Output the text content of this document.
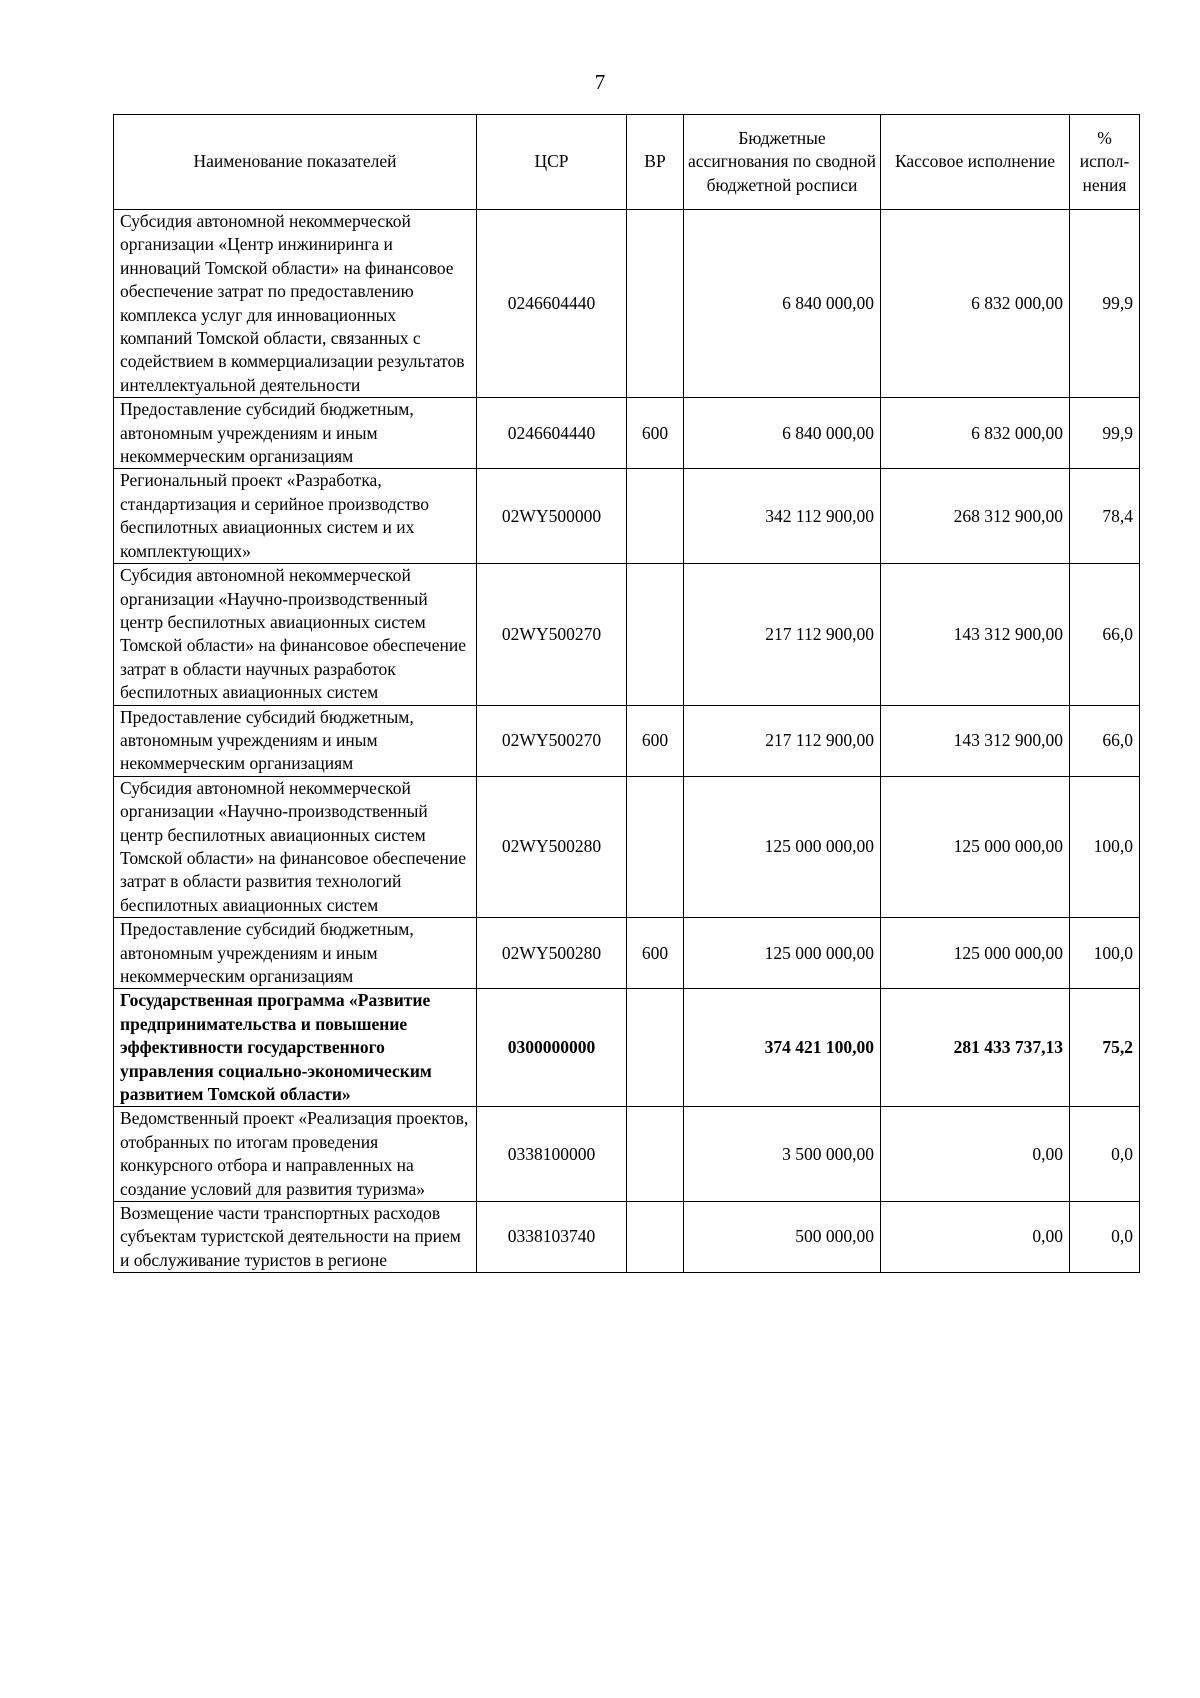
7
Наименование показателей	ЦСР	ВР	Бюджетные ассигнования по сводной бюджетной росписи	Кассовое исполнение	% испол- нения
Субсидия автономной некоммерческой организации «Центр инжиниринга и инноваций Томской области» на финансовое обеспечение затрат по предоставлению комплекса услуг для инновационных компаний Томской области, связанных с содействием в коммерциализации результатов интеллектуальной деятельности	0246604440		6 840 000,00	6 832 000,00	99,9
Предоставление субсидий бюджетным, автономным учреждениям и иным некоммерческим организациям	0246604440	600	6 840 000,00	6 832 000,00	99,9
Региональный проект «Разработка, стандартизация и серийное производство беспилотных авиационных систем и их комплектующих»	02WY500000		342 112 900,00	268 312 900,00	78,4
Субсидия автономной некоммерческой организации «Научно-производственный центр беспилотных авиационных систем Томской области» на финансовое обеспечение затрат в области научных разработок беспилотных авиационных систем	02WY500270		217 112 900,00	143 312 900,00	66,0
Предоставление субсидий бюджетным, автономным учреждениям и иным некоммерческим организациям	02WY500270	600	217 112 900,00	143 312 900,00	66,0
Субсидия автономной некоммерческой организации «Научно-производственный центр беспилотных авиационных систем Томской области» на финансовое обеспечение затрат в области развития технологий беспилотных авиационных систем	02WY500280		125 000 000,00	125 000 000,00	100,0
Предоставление субсидий бюджетным, автономным учреждениям и иным некоммерческим организациям	02WY500280	600	125 000 000,00	125 000 000,00	100,0
Государственная программа «Развитие предпринимательства и повышение эффективности государственного управления социально-экономическим развитием Томской области»	0300000000		374 421 100,00	281 433 737,13	75,2
Ведомственный проект «Реализация проектов, отобранных по итогам проведения конкурсного отбора и направленных на создание условий для развития туризма»	0338100000		3 500 000,00	0,00	0,0
Возмещение части транспортных расходов субъектам туристской деятельности на прием и обслуживание туристов в регионе	0338103740		500 000,00	0,00	0,0
